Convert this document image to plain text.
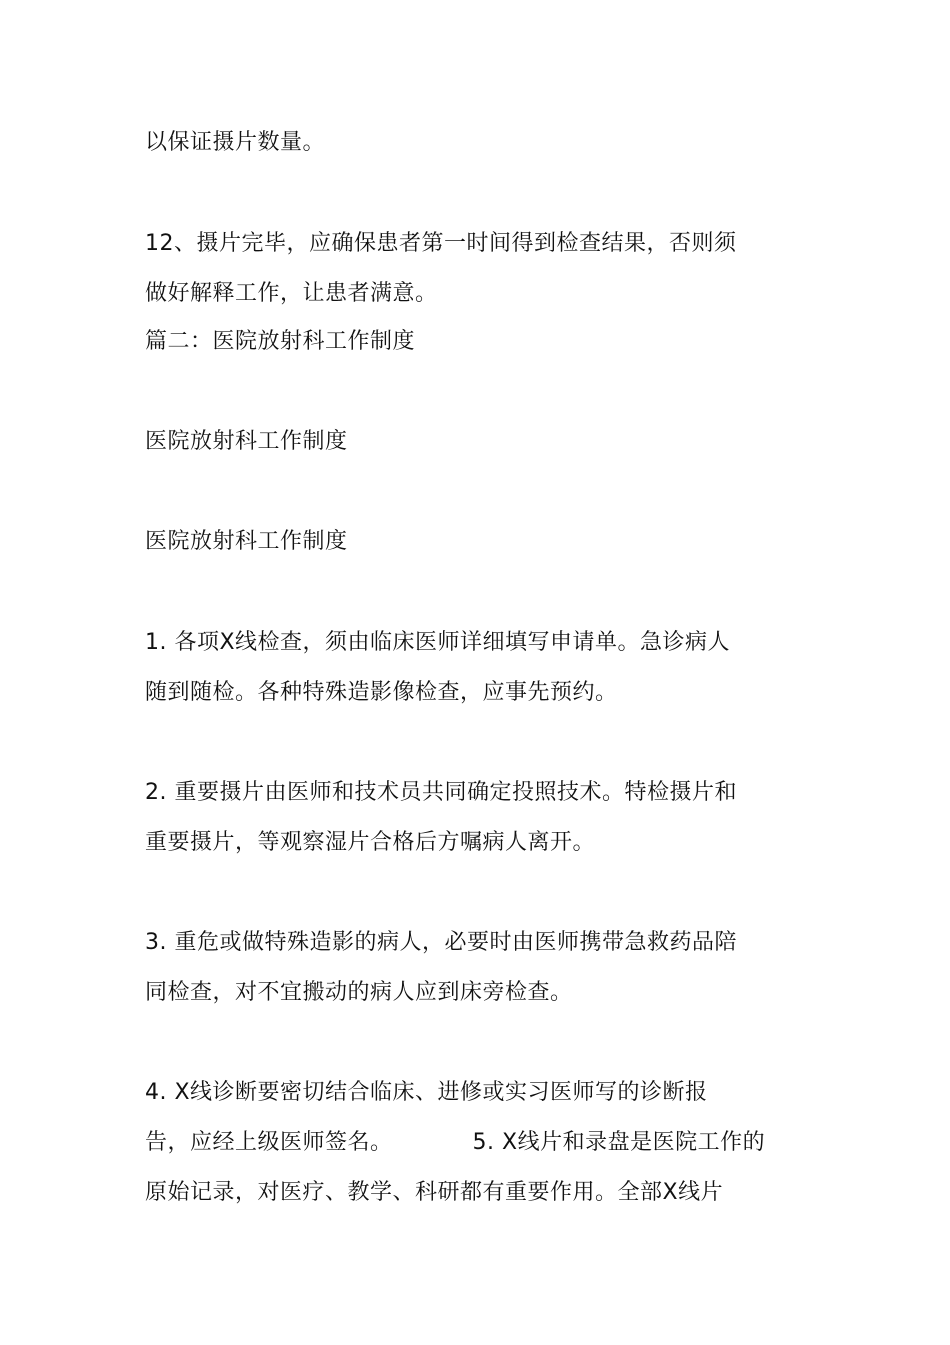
以保证摄片数量。
12、摄片完毕，应确保患者第一时间得到检查结果，否则须
做好解释工作，让患者满意。
篇二：医院放射科工作制度
医院放射科工作制度
医院放射科工作制度
1. 各项X线检查，须由临床医师详细填写申请单。急诊病人
随到随检。各种特殊造影像检查，应事先预约。
2. 重要摄片由医师和技术员共同确定投照技术。特检摄片和
重要摄片，等观察湿片合格后方嘱病人离开。
3. 重危或做特殊造影的病人，必要时由医师携带急救药品陪
同检查，对不宜搬动的病人应到床旁检查。
4. X线诊断要密切结合临床、进修或实习医师写的诊断报
告，应经上级医师签名。	5. X线片和录盘是医院工作的
原始记录，对医疗、教学、科研都有重要作用。全部X线片
